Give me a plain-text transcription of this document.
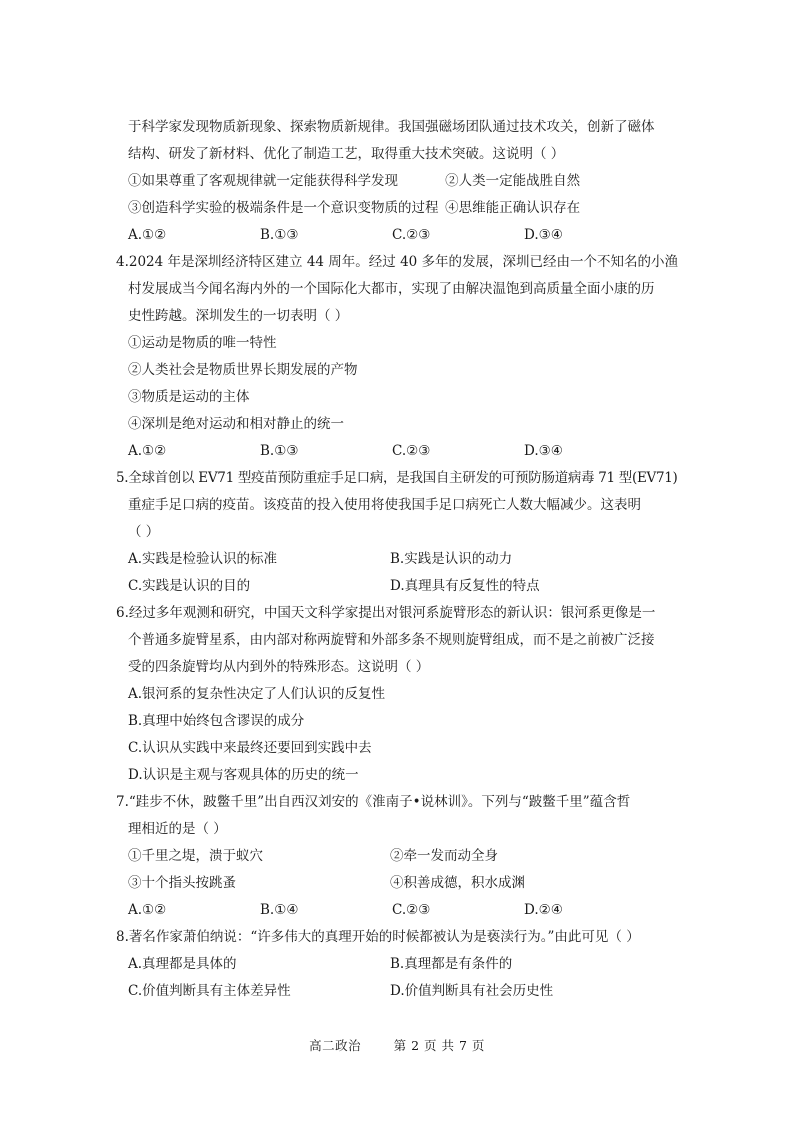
于科学家发现物质新现象、探索物质新规律。我国强磁场团队通过技术攻关，创新了磁体
结构、研发了新材料、优化了制造工艺，取得重大技术突破。这说明（ ）
①如果尊重了客观规律就一定能获得科学发现	②人类一定能战胜自然
③创造科学实验的极端条件是一个意识变物质的过程 ④思维能正确认识存在
A.①②	B.①③	C.②③	D.③④
4.2024 年是深圳经济特区建立 44 周年。经过 40 多年的发展，深圳已经由一个不知名的小渔
村发展成当今闻名海内外的一个国际化大都市，实现了由解决温饱到高质量全面小康的历
史性跨越。深圳发生的一切表明（ ）
①运动是物质的唯一特性
②人类社会是物质世界长期发展的产物
③物质是运动的主体
④深圳是绝对运动和相对静止的统一
A.①②	B.①③	C.②③	D.③④
5.全球首创以 EV71 型疫苗预防重症手足口病，是我国自主研发的可预防肠道病毒 71 型(EV71)
重症手足口病的疫苗。该疫苗的投入使用将使我国手足口病死亡人数大幅减少。这表明
（ ）
A.实践是检验认识的标准	B.实践是认识的动力
C.实践是认识的目的	D.真理具有反复性的特点
6.经过多年观测和研究，中国天文科学家提出对银河系旋臂形态的新认识：银河系更像是一
个普通多旋臂星系，由内部对称两旋臂和外部多条不规则旋臂组成，而不是之前被广泛接
受的四条旋臂均从内到外的特殊形态。这说明（ ）
A.银河系的复杂性决定了人们认识的反复性
B.真理中始终包含谬误的成分
C.认识从实践中来最终还要回到实践中去
D.认识是主观与客观具体的历史的统一
7.“跬步不休，跛鳖千里”出自西汉刘安的《淮南子•说林训》。下列与“跛鳖千里”蕴含哲
理相近的是（ ）
①千里之堤，溃于蚁穴	②牵一发而动全身
③十个指头按跳蚤	④积善成德，积水成渊
A.①②	B.①④	C.②③	D.②④
8.著名作家萧伯纳说：“许多伟大的真理开始的时候都被认为是亵渎行为。”由此可见（ ）
A.真理都是具体的	B.真理都是有条件的
C.价值判断具有主体差异性	D.价值判断具有社会历史性
高二政治	第 2 页 共 7 页
